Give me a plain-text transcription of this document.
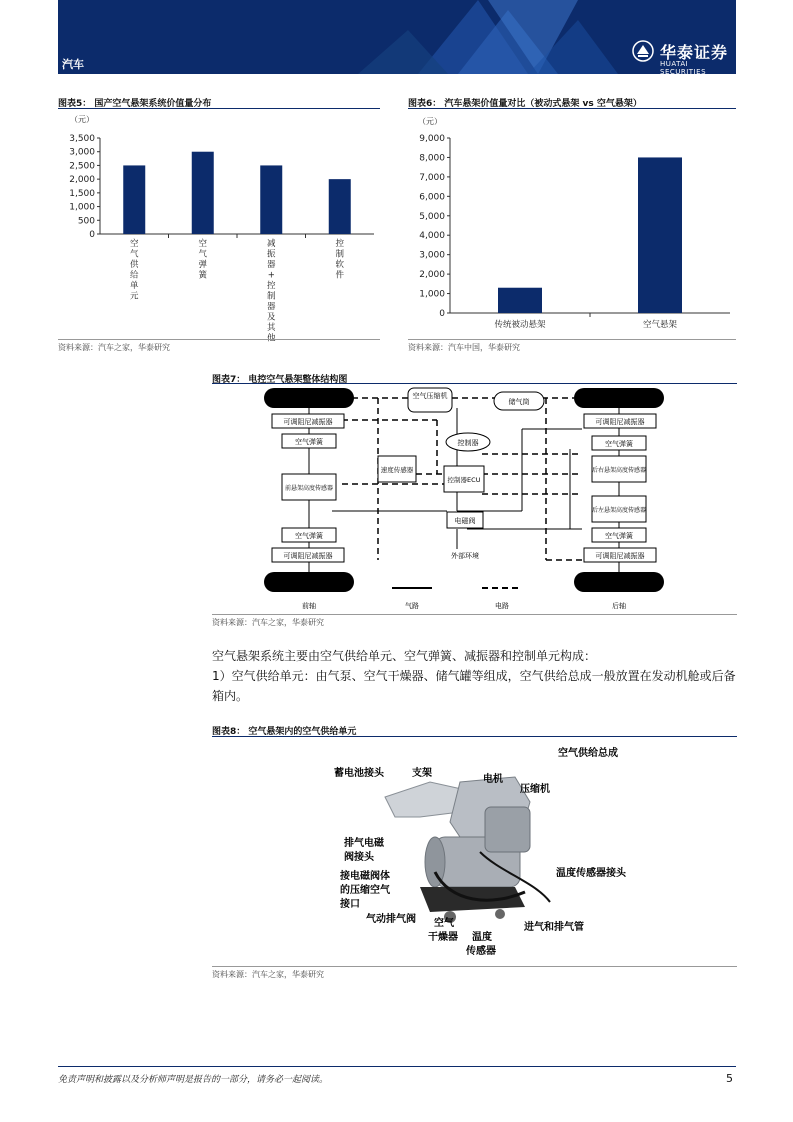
汽车
华泰证券
HUATAI SECURITIES
图表5： 国产空气悬架系统价值量分布
（元）
0
500
1,000
1,500
2,000
2,500
3,000
3,500
空气供给单元
空气弹簧
减振器+控制器及其他
控制软件
资料来源：汽车之家，华泰研究
图表6： 汽车悬架价值量对比（被动式悬架 vs 空气悬架）
（元）
0
1,000
2,000
3,000
4,000
5,000
6,000
7,000
8,000
9,000
传统被动悬架	空气悬架
资料来源：汽车中国，华泰研究
图表7： 电控空气悬架整体结构图
空气压缩机
储气筒
控制器
可调阻尼减振器
空气弹簧
速度传感器
控制器ECU
前悬架高度传感器
电磁阀
空气弹簧
可调阻尼减振器	外部环境
可调阻尼减振器
空气弹簧
后右悬架高度传感器
后左悬架高度传感器
空气弹簧
可调阻尼减振器
前轴	气路	电路	后轴
资料来源：汽车之家，华泰研究
空气悬架系统主要由空气供给单元、空气弹簧、减振器和控制单元构成：
1）空气供给单元：由气泵、空气干燥器、储气罐等组成，空气供给总成一般放置在发动机舱或后备箱内。
图表8： 空气悬架内的空气供给单元
空气供给总成
蓄电池接头	支架
电机
压缩机
排气电磁
阀接头
接电磁阀体
的压缩空气
接口
气动排气阀 空气
干燥器 温度
传感器
温度传感器接头
进气和排气管
资料来源：汽车之家，华泰研究
免责声明和披露以及分析师声明是报告的一部分，请务必一起阅读。	5
